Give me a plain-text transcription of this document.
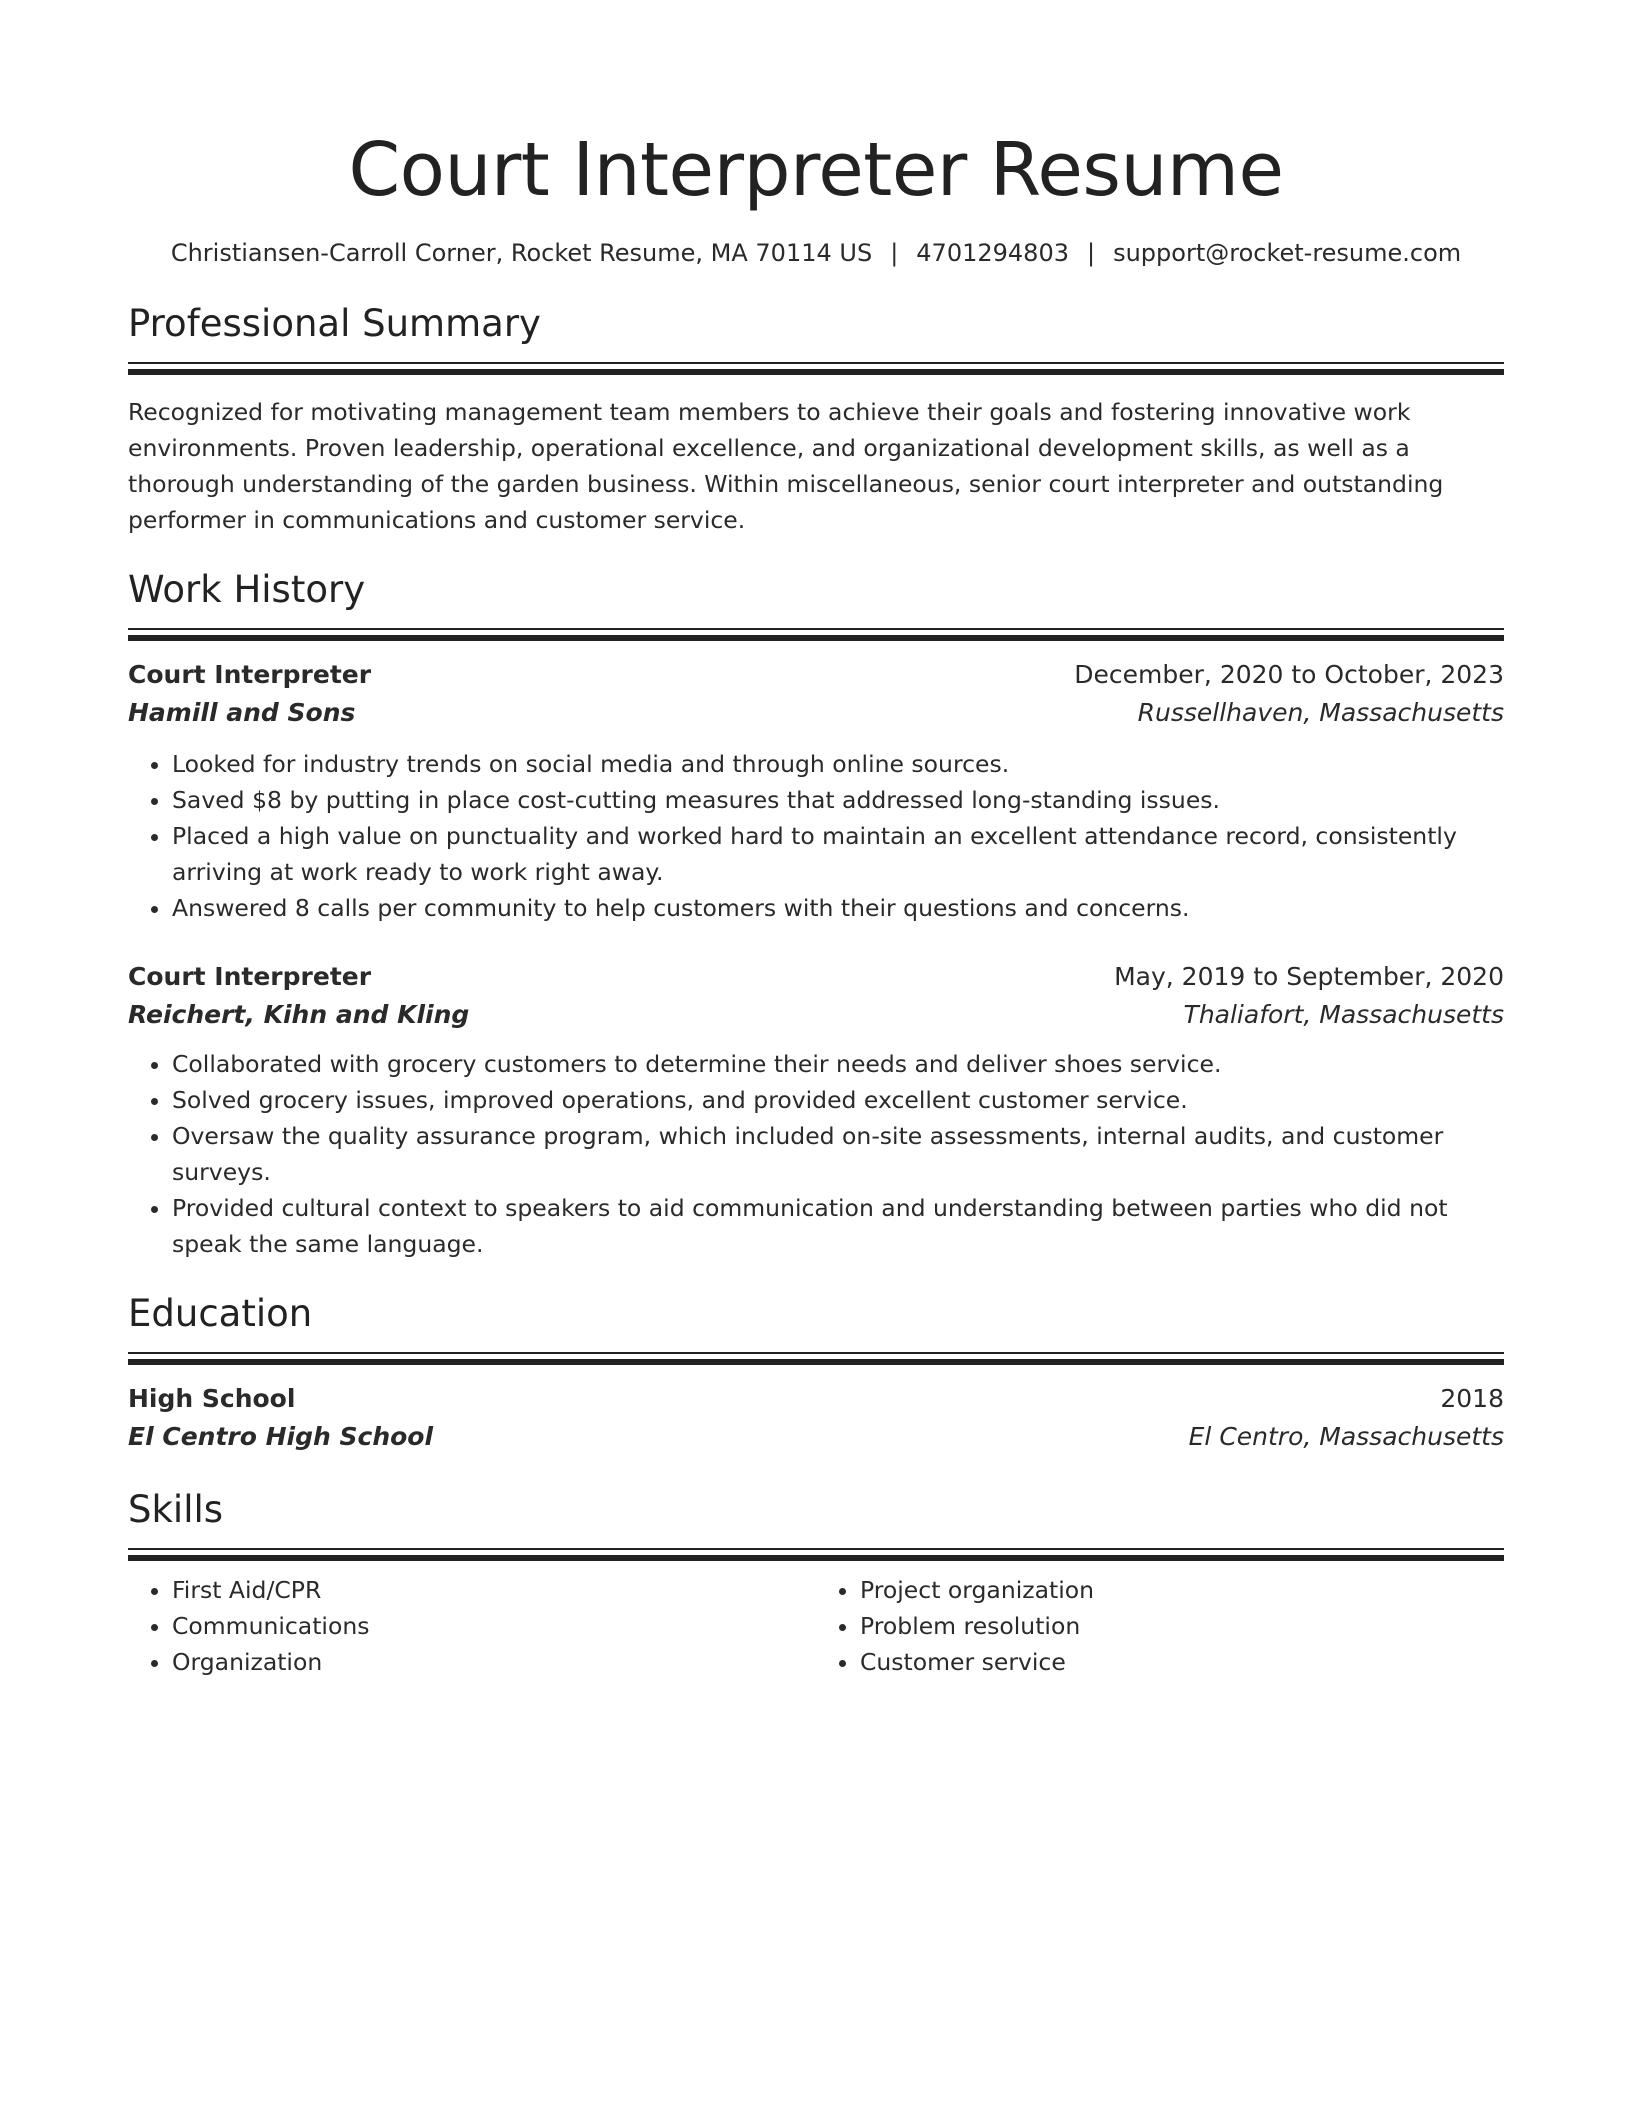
Court Interpreter Resume
Christiansen-Carroll Corner, Rocket Resume, MA 70114 US | 4701294803 | support@rocket-resume.com
Professional Summary
Recognized for motivating management team members to achieve their goals and fostering innovative work environments. Proven leadership, operational excellence, and organizational development skills, as well as a thorough understanding of the garden business. Within miscellaneous, senior court interpreter and outstanding performer in communications and customer service.
Work History
Court Interpreter	December, 2020 to October, 2023
Hamill and Sons	Russellhaven, Massachusetts
• Looked for industry trends on social media and through online sources.
• Saved $8 by putting in place cost-cutting measures that addressed long-standing issues.
• Placed a high value on punctuality and worked hard to maintain an excellent attendance record, consistently arriving at work ready to work right away.
• Answered 8 calls per community to help customers with their questions and concerns.
Court Interpreter	May, 2019 to September, 2020
Reichert, Kihn and Kling	Thaliafort, Massachusetts
• Collaborated with grocery customers to determine their needs and deliver shoes service.
• Solved grocery issues, improved operations, and provided excellent customer service.
• Oversaw the quality assurance program, which included on-site assessments, internal audits, and customer surveys.
• Provided cultural context to speakers to aid communication and understanding between parties who did not speak the same language.
Education
High School	2018
El Centro High School	El Centro, Massachusetts
Skills
• First Aid/CPR
• Communications
• Organization
• Project organization
• Problem resolution
• Customer service
